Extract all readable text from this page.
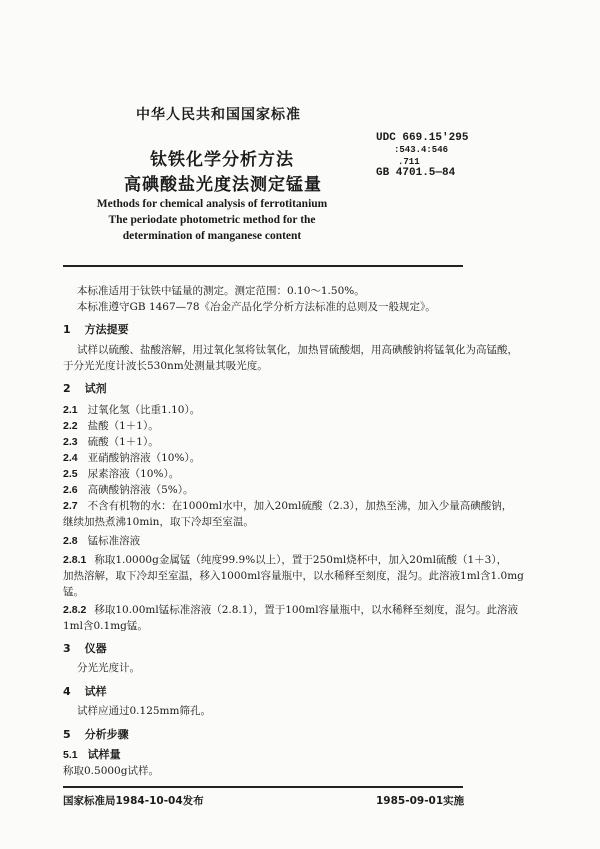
中华人民共和国国家标准
钛铁化学分析方法
高碘酸盐光度法测定锰量
UDC 669.15'295
:543.4:546
.711
GB 4701.5—84
Methods for chemical analysis of ferrotitanium
The periodate photometric method for the
determination of manganese content
本标准适用于钛铁中锰量的测定。测定范围：0.10～1.50%。
本标准遵守GB 1467—78《冶金产品化学分析方法标准的总则及一般规定》。
1 方法提要
试样以硫酸、盐酸溶解，用过氧化氢将钛氧化，加热冒硫酸烟，用高碘酸钠将锰氧化为高锰酸，
于分光光度计波长530nm处测量其吸光度。
2 试剂
2.1 过氧化氢（比重1.10）。
2.2 盐酸（1＋1）。
2.3 硫酸（1＋1）。
2.4 亚硝酸钠溶液（10%）。
2.5 尿素溶液（10%）。
2.6 高碘酸钠溶液（5%）。
2.7 不含有机物的水：在1000ml水中，加入20ml硫酸（2.3），加热至沸，加入少量高碘酸钠，
继续加热煮沸10min，取下冷却至室温。
2.8 锰标准溶液
2.8.1 称取1.0000g金属锰（纯度99.9%以上），置于250ml烧杯中，加入20ml硫酸（1＋3），
加热溶解，取下冷却至室温，移入1000ml容量瓶中，以水稀释至刻度，混匀。此溶液1ml含1.0mg
锰。
2.8.2 移取10.00ml锰标准溶液（2.8.1），置于100ml容量瓶中，以水稀释至刻度，混匀。此溶液
1ml含0.1mg锰。
3 仪器
分光光度计。
4 试样
试样应通过0.125mm筛孔。
5 分析步骤
5.1 试样量
称取0.5000g试样。
国家标准局1984-10-04发布	1985-09-01实施
